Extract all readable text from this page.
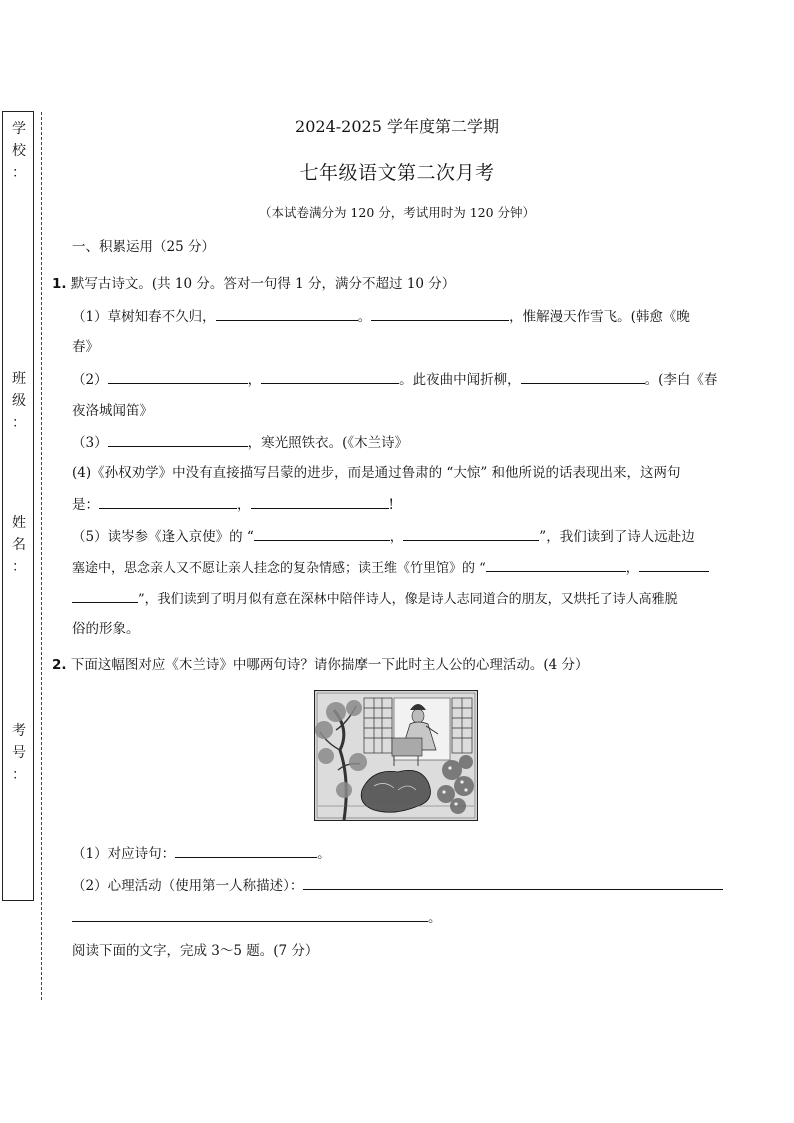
学
校
：
班
级
：
姓
名
：
考
号
：
2024-2025 学年度第二学期
七年级语文第二次月考
（本试卷满分为 120 分，考试用时为 120 分钟）
一、积累运用（25 分）
1. 默写古诗文。(共 10 分。答对一句得 1 分，满分不超过 10 分）
（1）草树知春不久归，	。	，惟解漫天作雪飞。(韩愈《晚
春》
（2）	，	。此夜曲中闻折柳，	。(李白《春
夜洛城闻笛》
（3）	，寒光照铁衣。(《木兰诗》
(4)《孙权劝学》中没有直接描写吕蒙的进步，而是通过鲁肃的 “大惊” 和他所说的话表现出来，这两句
是：	，	!
（5）读岑参《逢入京使》的 “	，	”，我们读到了诗人远赴边
塞途中，思念亲人又不愿让亲人挂念的复杂情感；读王维《竹里馆》的 “	，
”，我们读到了明月似有意在深林中陪伴诗人，像是诗人志同道合的朋友，又烘托了诗人高雅脱
俗的形象。
2. 下面这幅图对应《木兰诗》中哪两句诗？请你揣摩一下此时主人公的心理活动。(4 分）
（1）对应诗句：	。
（2）心理活动（使用第一人称描述）：
。
阅读下面的文字，完成 3～5 题。(7 分）
